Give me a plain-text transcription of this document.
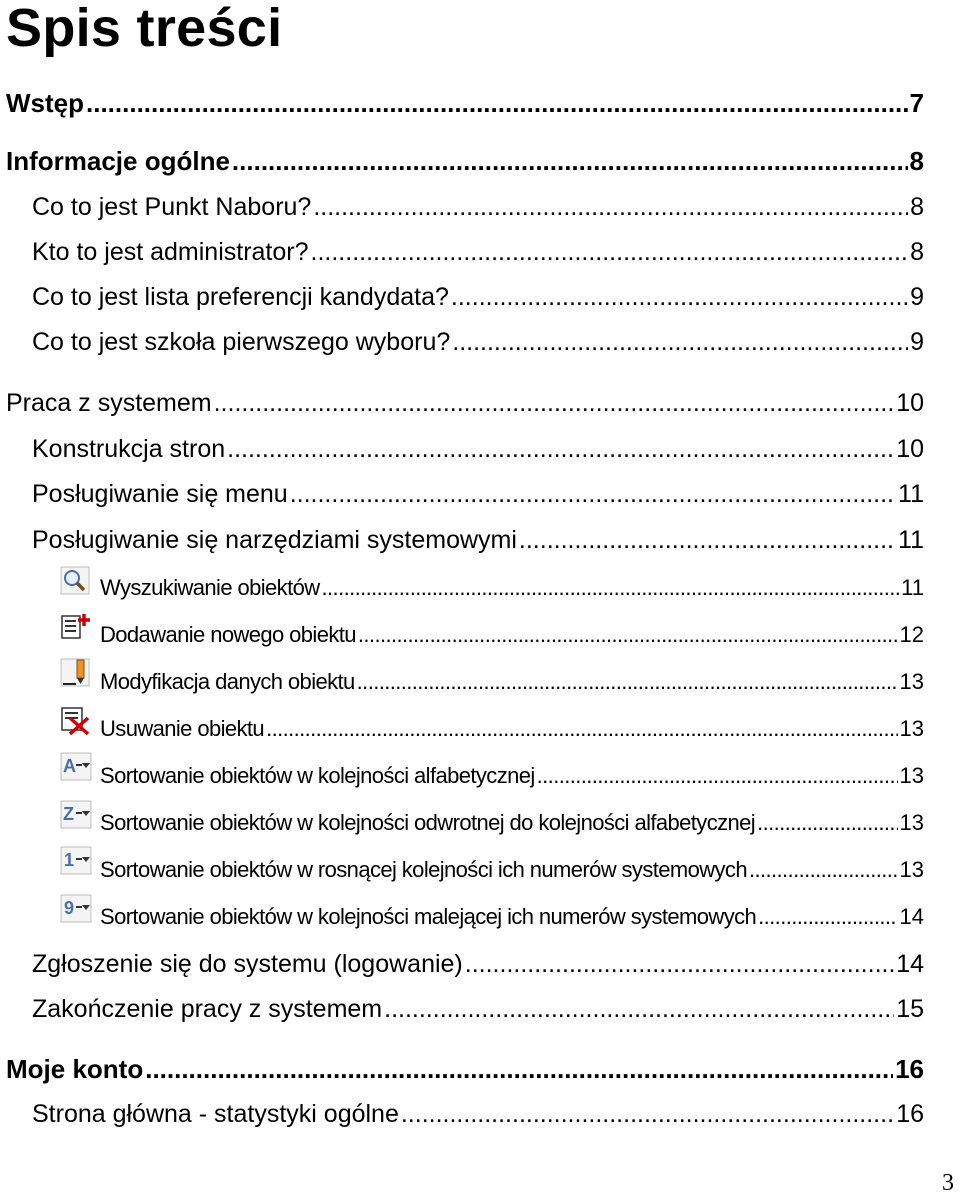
Spis treści
Wstęp .....	7
Informacje ogólne .....	8
Co to jest Punkt Naboru? .....	8
Kto to jest administrator? .....	8
Co to jest lista preferencji kandydata? .....	9
Co to jest szkoła pierwszego wyboru? .....	9
Praca z systemem .....	10
Konstrukcja stron .....	10
Posługiwanie się menu .....	11
Posługiwanie się narzędziami systemowymi .....	11
Wyszukiwanie obiektów .....	11
Dodawanie nowego obiektu .....	12
Modyfikacja danych obiektu .....	13
Usuwanie obiektu .....	13
A Sortowanie obiektów w kolejności alfabetycznej .....	13
Z Sortowanie obiektów w kolejności odwrotnej do kolejności alfabetycznej .....	13
1 Sortowanie obiektów w rosnącej kolejności ich numerów systemowych .....	13
9 Sortowanie obiektów w kolejności malejącej ich numerów systemowych .....	14
Zgłoszenie się do systemu (logowanie) .....	14
Zakończenie pracy z systemem .....	15
Moje konto .....	16
Strona główna - statystyki ogólne .....	16
3
